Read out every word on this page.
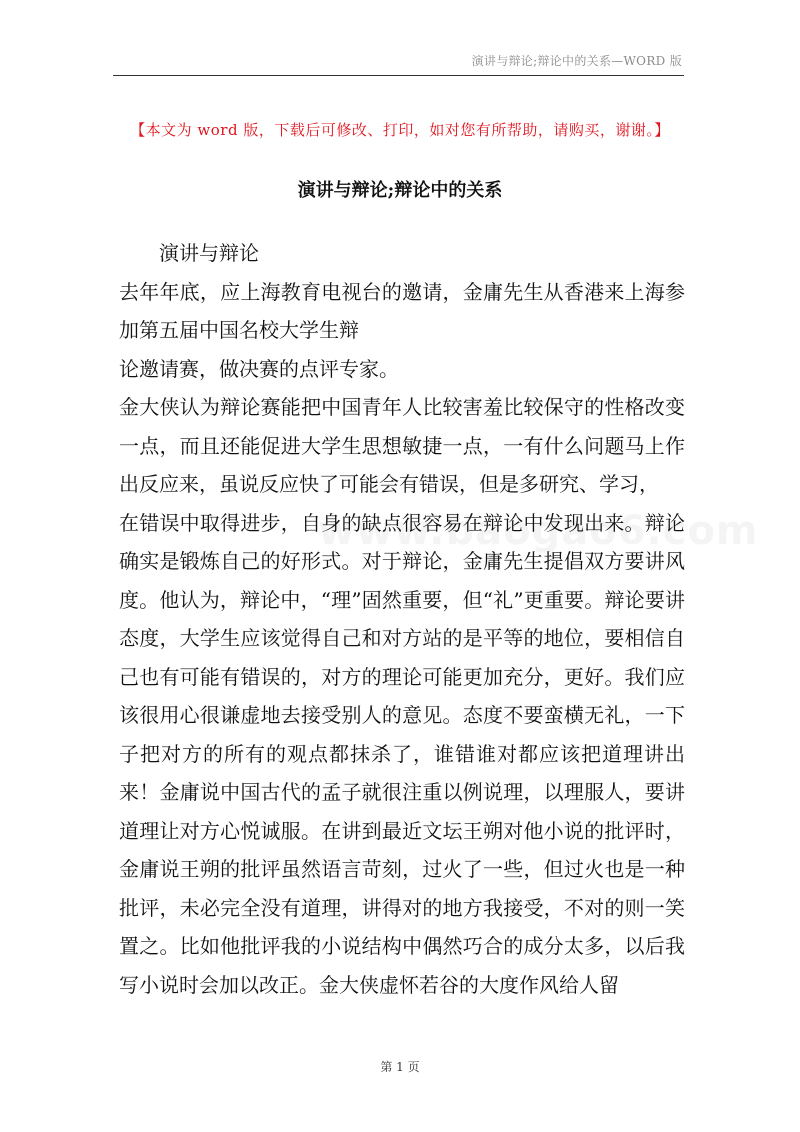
演讲与辩论;辩论中的关系—WORD 版
【本文为 word 版，下载后可修改、打印，如对您有所帮助，请购买，谢谢。】
演讲与辩论;辩论中的关系

演讲与辩论

去年年底，应上海教育电视台的邀请，金庸先生从香港来上海参加第五届中国名校大学生辩

论邀请赛，做决赛的点评专家。

金大侠认为辩论赛能把中国青年人比较害羞比较保守的性格改变一点，而且还能促进大学生思想敏捷一点，一有什么问题马上作出反应来，虽说反应快了可能会有错误，但是多研究、学习，

在错误中取得进步，自身的缺点很容易在辩论中发现出来。辩论确实是锻炼自己的好形式。对于辩论，金庸先生提倡双方要讲风度。他认为，辩论中，“理”固然重要，但“礼”更重要。辩论要讲态度，大学生应该觉得自己和对方站的是平等的地位，要相信自己也有可能有错误的，对方的理论可能更加充分，更好。我们应该很用心很谦虚地去接受别人的意见。态度不要蛮横无礼，一下子把对方的所有的观点都抹杀了，谁错谁对都应该把道理讲出来！金庸说中国古代的孟子就很注重以例说理，以理服人，要讲道理让对方心悦诚服。在讲到最近文坛王朔对他小说的批评时，金庸说王朔的批评虽然语言苛刻，过火了一些，但过火也是一种批评，未必完全没有道理，讲得对的地方我接受，不对的则一笑置之。比如他批评我的小说结构中偶然巧合的成分太多，以后我写小说时会加以改正。金大侠虚怀若谷的大度作风给人留

第 1 页
